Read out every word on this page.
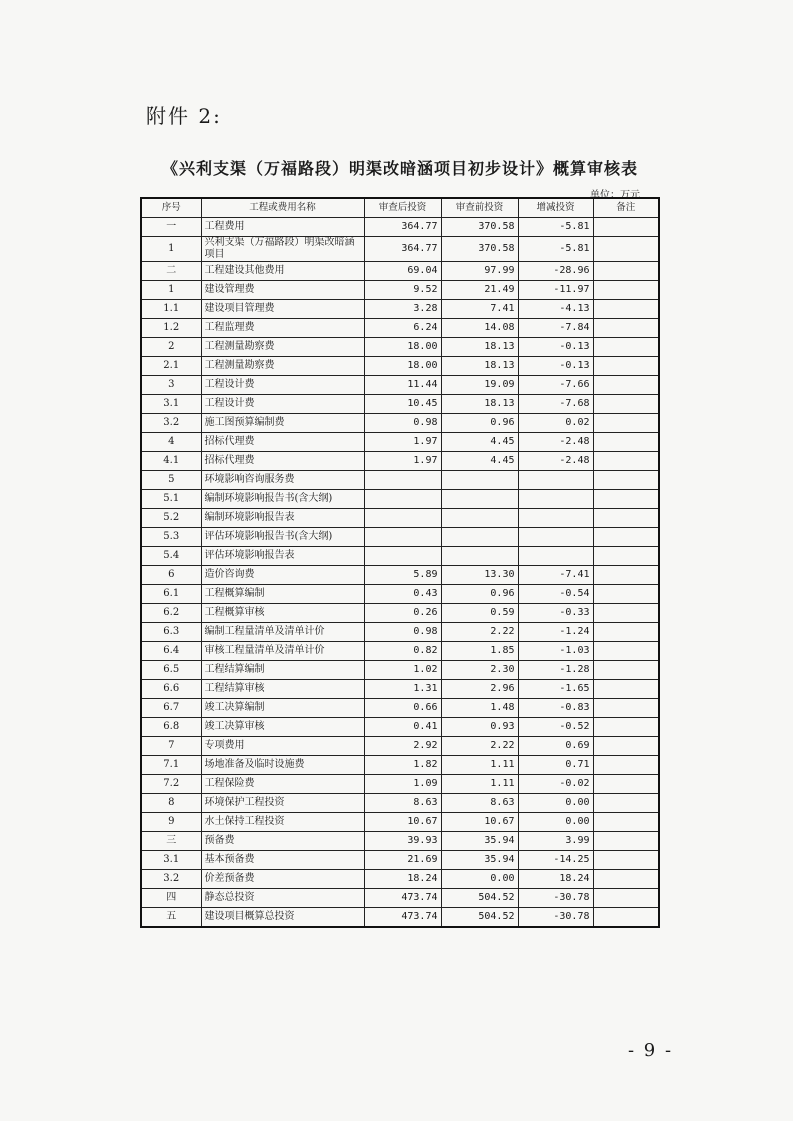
附件 2:
《兴利支渠（万福路段）明渠改暗涵项目初步设计》概算审核表
单位：万元
序号	工程或费用名称	审查后投资	审查前投资	增减投资	备注
一	工程费用	364.77	370.58	-5.81	
1	兴利支渠（万福路段）明渠改暗涵项目	364.77	370.58	-5.81	
二	工程建设其他费用	69.04	97.99	-28.96	
1	建设管理费	9.52	21.49	-11.97	
1.1	建设项目管理费	3.28	7.41	-4.13	
1.2	工程监理费	6.24	14.08	-7.84	
2	工程测量勘察费	18.00	18.13	-0.13	
2.1	工程测量勘察费	18.00	18.13	-0.13	
3	工程设计费	11.44	19.09	-7.66	
3.1	工程设计费	10.45	18.13	-7.68	
3.2	施工图预算编制费	0.98	0.96	0.02	
4	招标代理费	1.97	4.45	-2.48	
4.1	招标代理费	1.97	4.45	-2.48	
5	环境影响咨询服务费				
5.1	编制环境影响报告书(含大纲)				
5.2	编制环境影响报告表				
5.3	评估环境影响报告书(含大纲)				
5.4	评估环境影响报告表				
6	造价咨询费	5.89	13.30	-7.41	
6.1	工程概算编制	0.43	0.96	-0.54	
6.2	工程概算审核	0.26	0.59	-0.33	
6.3	编制工程量清单及清单计价	0.98	2.22	-1.24	
6.4	审核工程量清单及清单计价	0.82	1.85	-1.03	
6.5	工程结算编制	1.02	2.30	-1.28	
6.6	工程结算审核	1.31	2.96	-1.65	
6.7	竣工决算编制	0.66	1.48	-0.83	
6.8	竣工决算审核	0.41	0.93	-0.52	
7	专项费用	2.92	2.22	0.69	
7.1	场地准备及临时设施费	1.82	1.11	0.71	
7.2	工程保险费	1.09	1.11	-0.02	
8	环境保护工程投资	8.63	8.63	0.00	
9	水土保持工程投资	10.67	10.67	0.00	
三	预备费	39.93	35.94	3.99	
3.1	基本预备费	21.69	35.94	-14.25	
3.2	价差预备费	18.24	0.00	18.24	
四	静态总投资	473.74	504.52	-30.78	
五	建设项目概算总投资	473.74	504.52	-30.78	
- 9 -
